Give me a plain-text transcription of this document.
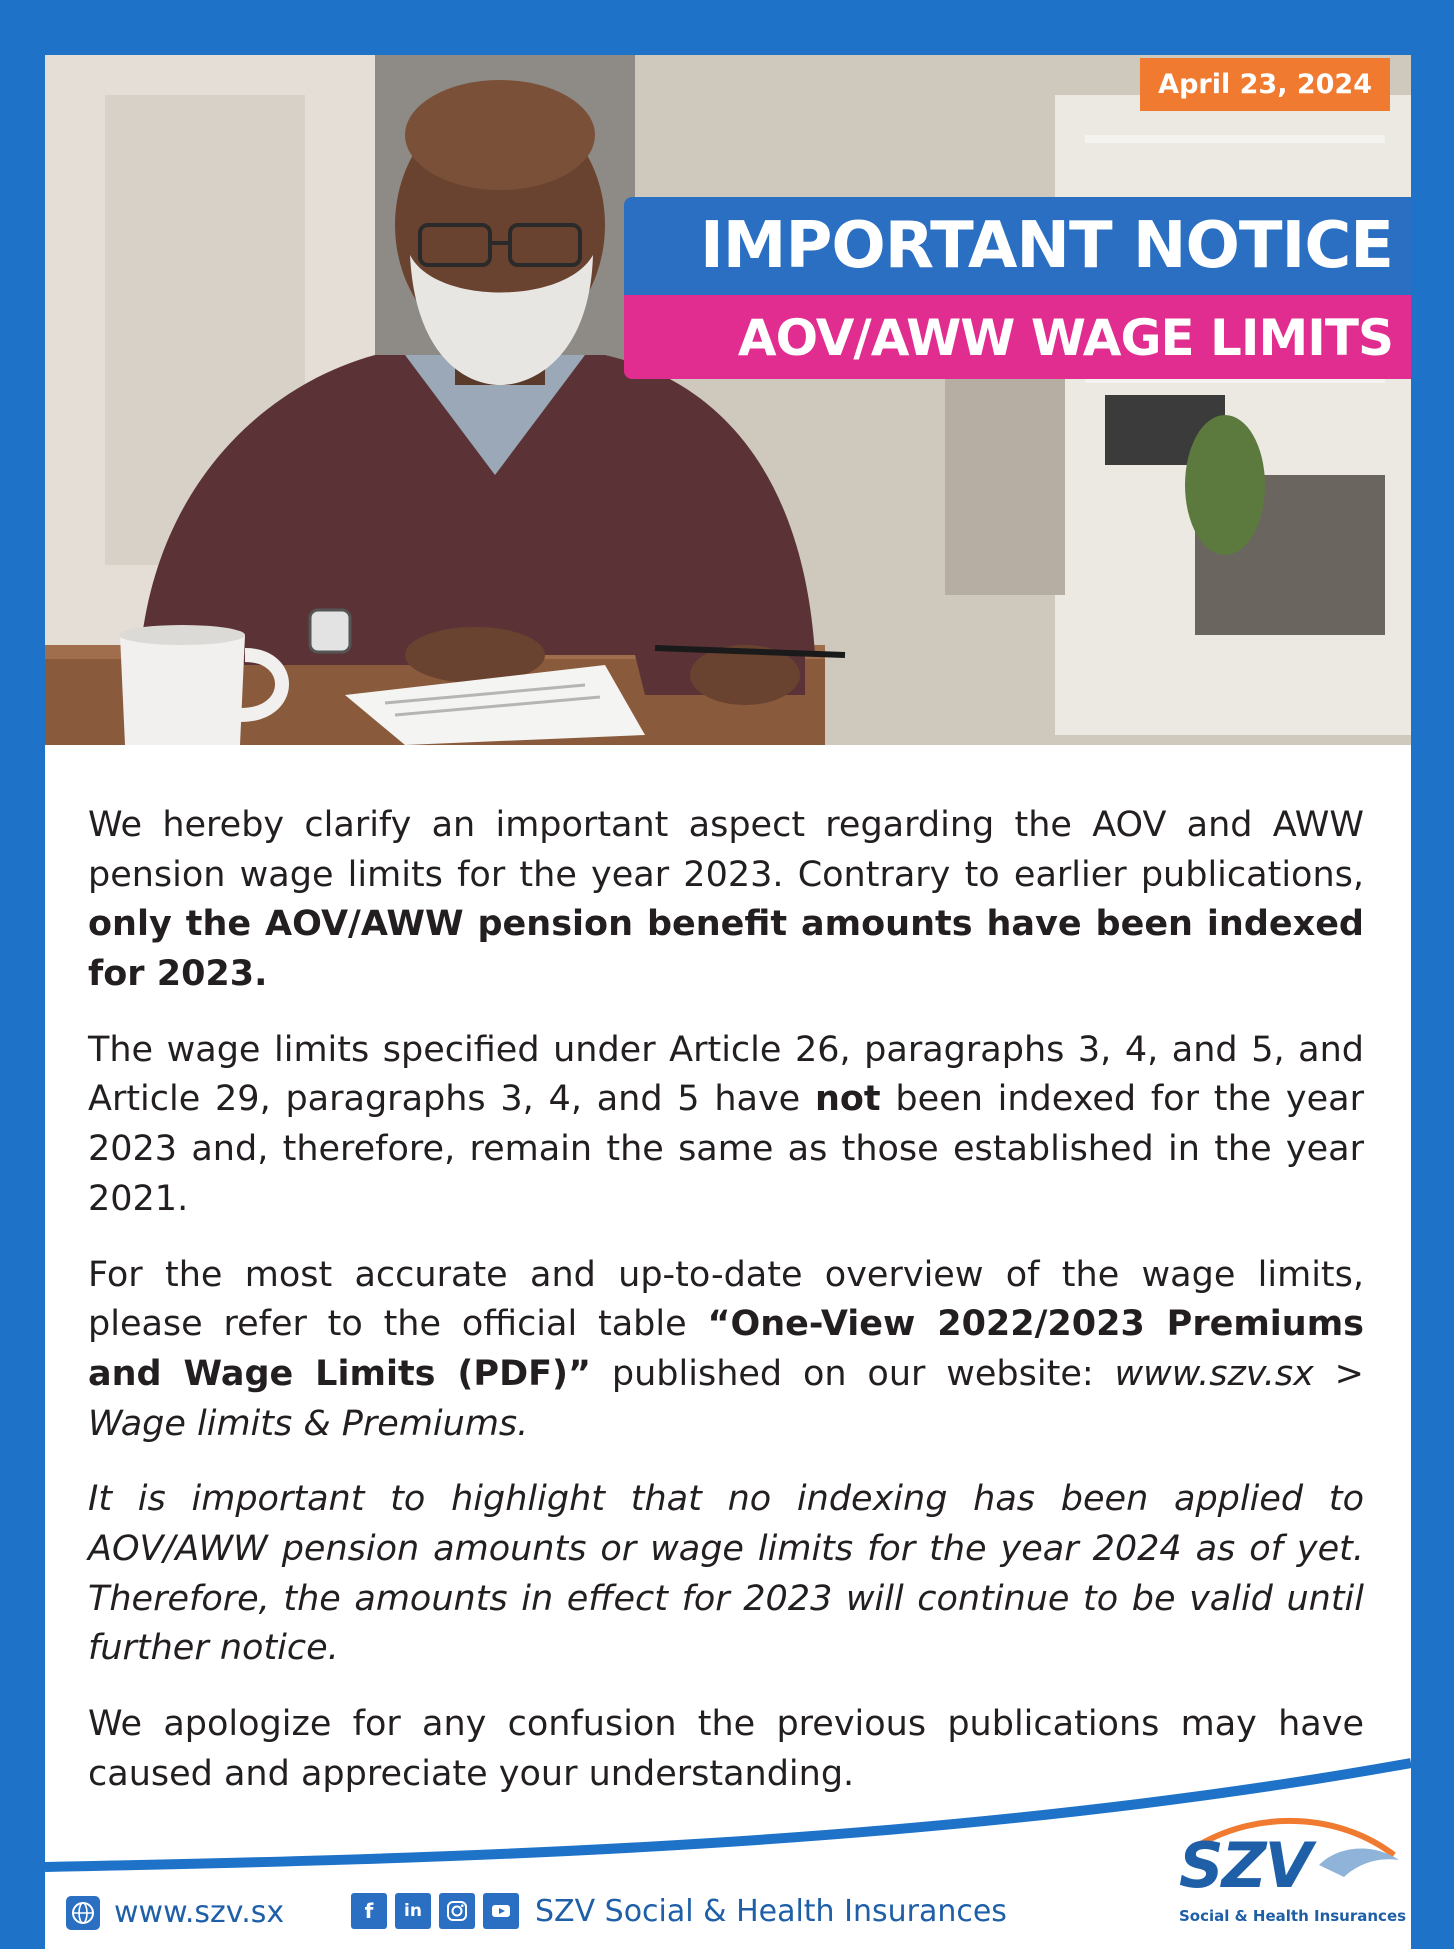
April 23, 2024
IMPORTANT NOTICE
AOV/AWW WAGE LIMITS

We hereby clarify an important aspect regarding the AOV and AWW pension wage limits for the year 2023. Contrary to earlier publications, only the AOV/AWW pension benefit amounts have been indexed for 2023.

The wage limits specified under Article 26, paragraphs 3, 4, and 5, and Article 29, paragraphs 3, 4, and 5 have not been indexed for the year 2023 and, therefore, remain the same as those established in the year 2021.

For the most accurate and up-to-date overview of the wage limits, please refer to the official table “One-View 2022/2023 Premiums and Wage Limits (PDF)” published on our website: www.szv.sx > Wage limits & Premiums.

It is important to highlight that no indexing has been applied to AOV/AWW pension amounts or wage limits for the year 2024 as of yet. Therefore, the amounts in effect for 2023 will continue to be valid until further notice.

We apologize for any confusion the previous publications may have caused and appreciate your understanding.

SZV
Social & Health Insurances
www.szv.sx	f	in	SZV Social & Health Insurances
